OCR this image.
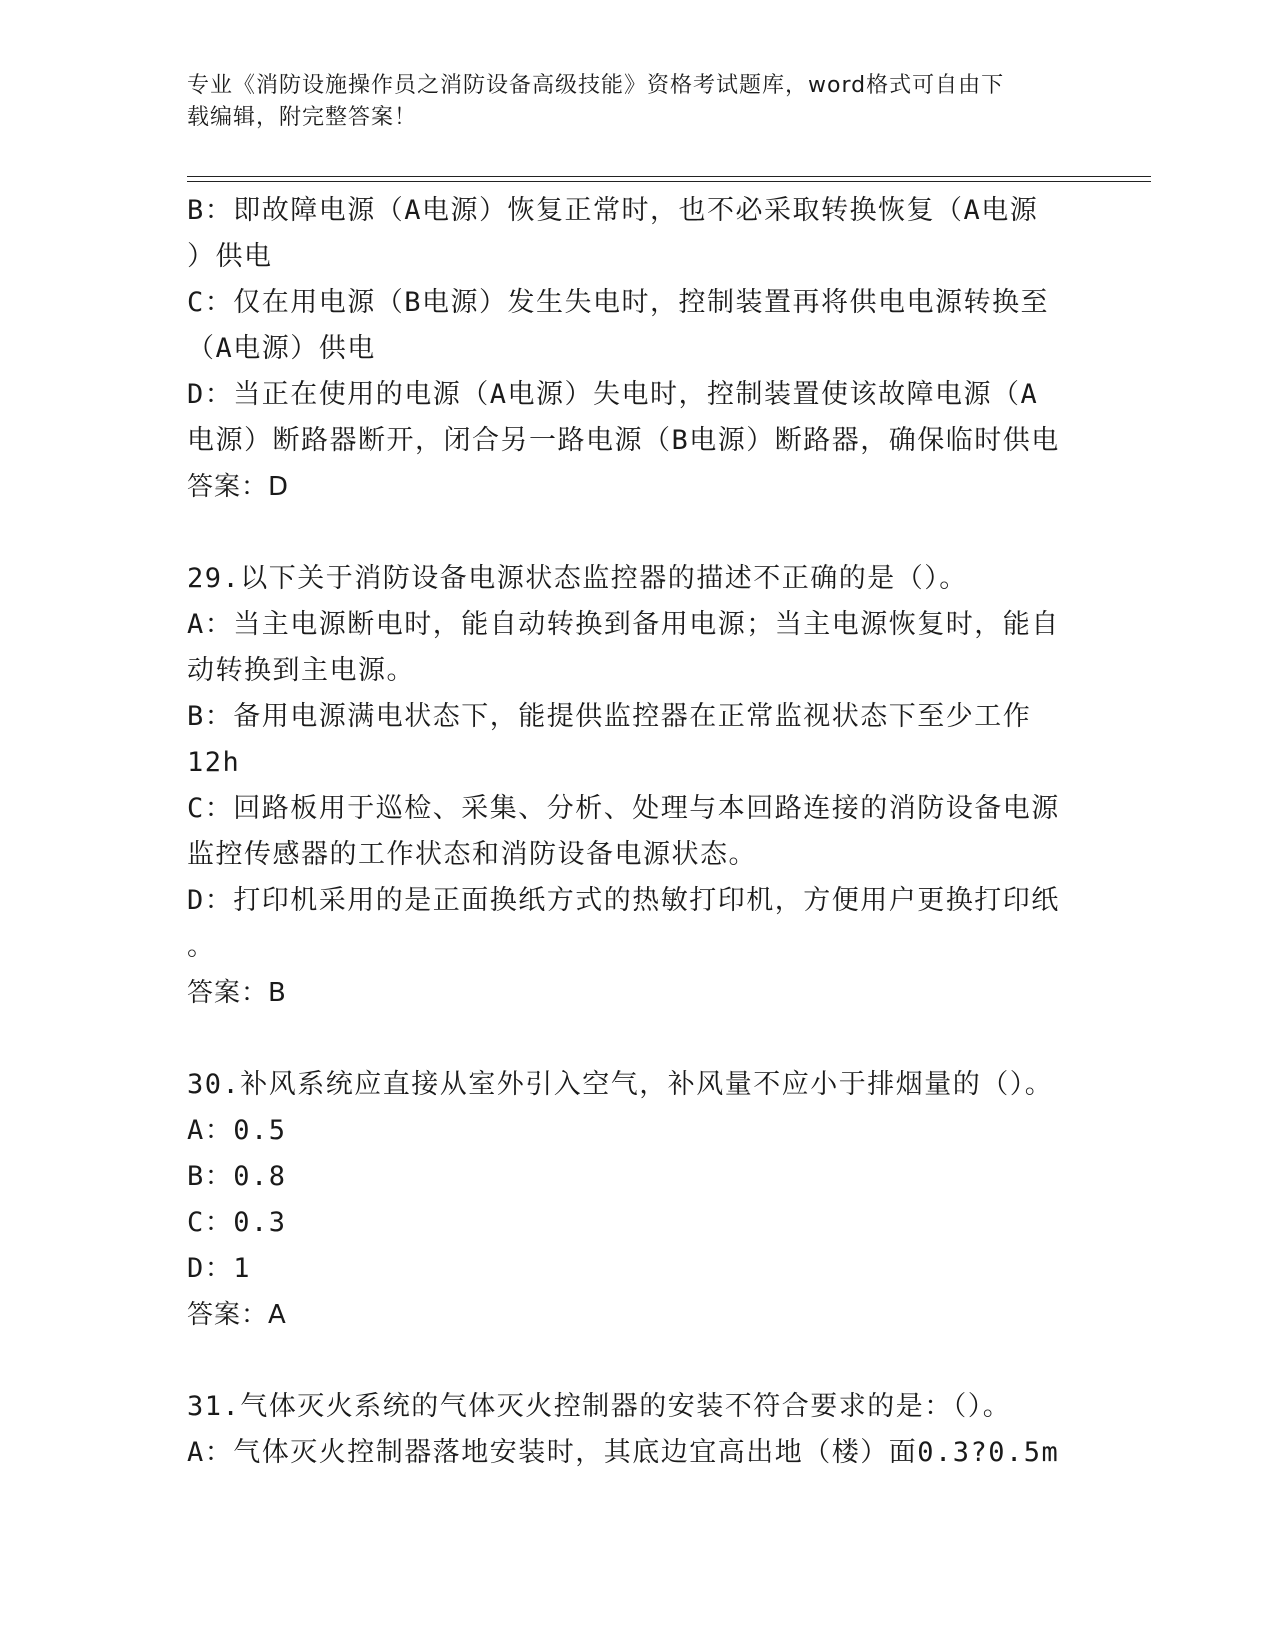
专业《消防设施操作员之消防设备高级技能》资格考试题库，word格式可自由下
载编辑，附完整答案！

B：即故障电源（A电源）恢复正常时，也不必采取转换恢复（A电源

）供电

C：仅在用电源（B电源）发生失电时，控制装置再将供电电源转换至

（A电源）供电

D：当正在使用的电源（A电源）失电时，控制装置使该故障电源（A

电源）断路器断开，闭合另一路电源（B电源）断路器，确保临时供电

答案：D

29.以下关于消防设备电源状态监控器的描述不正确的是（）。

A：当主电源断电时，能自动转换到备用电源；当主电源恢复时，能自

动转换到主电源。

B：备用电源满电状态下，能提供监控器在正常监视状态下至少工作

12h

C：回路板用于巡检、采集、分析、处理与本回路连接的消防设备电源

监控传感器的工作状态和消防设备电源状态。

D：打印机采用的是正面换纸方式的热敏打印机，方便用户更换打印纸

。

答案：B

30.补风系统应直接从室外引入空气，补风量不应小于排烟量的（）。

A：0.5

B：0.8

C：0.3

D：1

答案：A

31.气体灭火系统的气体灭火控制器的安装不符合要求的是：（）。

A：气体灭火控制器落地安装时，其底边宜高出地（楼）面0.3?0.5m
